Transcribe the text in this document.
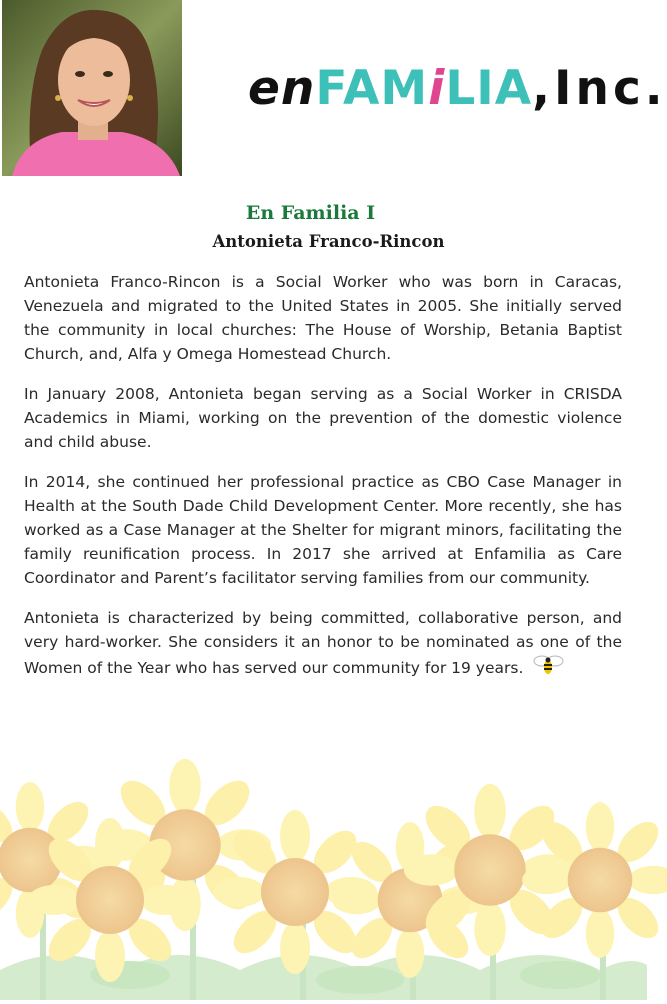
enFAMiLIA,Inc.
En Familia I
Antonieta Franco-Rincon

Antonieta Franco-Rincon is a Social Worker who was born in Caracas, Venezuela and migrated to the United States in 2005. She initially served the community in local churches: The House of Worship, Betania Baptist Church, and, Alfa y Omega Homestead Church.

In January 2008, Antonieta began serving as a Social Worker in CRISDA Academics in Miami, working on the prevention of the domestic violence and child abuse.

In 2014, she continued her professional practice as CBO Case Manager in Health at the South Dade Child Development Center. More recently, she has worked as a Case Manager at the Shelter for migrant minors, facilitating the family reunification process. In 2017 she arrived at Enfamilia as Care Coordinator and Parent’s facilitator serving families from our community.

Antonieta is characterized by being committed, collaborative person, and very hard-worker. She considers it an honor to be nominated as one of the Women of the Year who has served our community for 19 years.
